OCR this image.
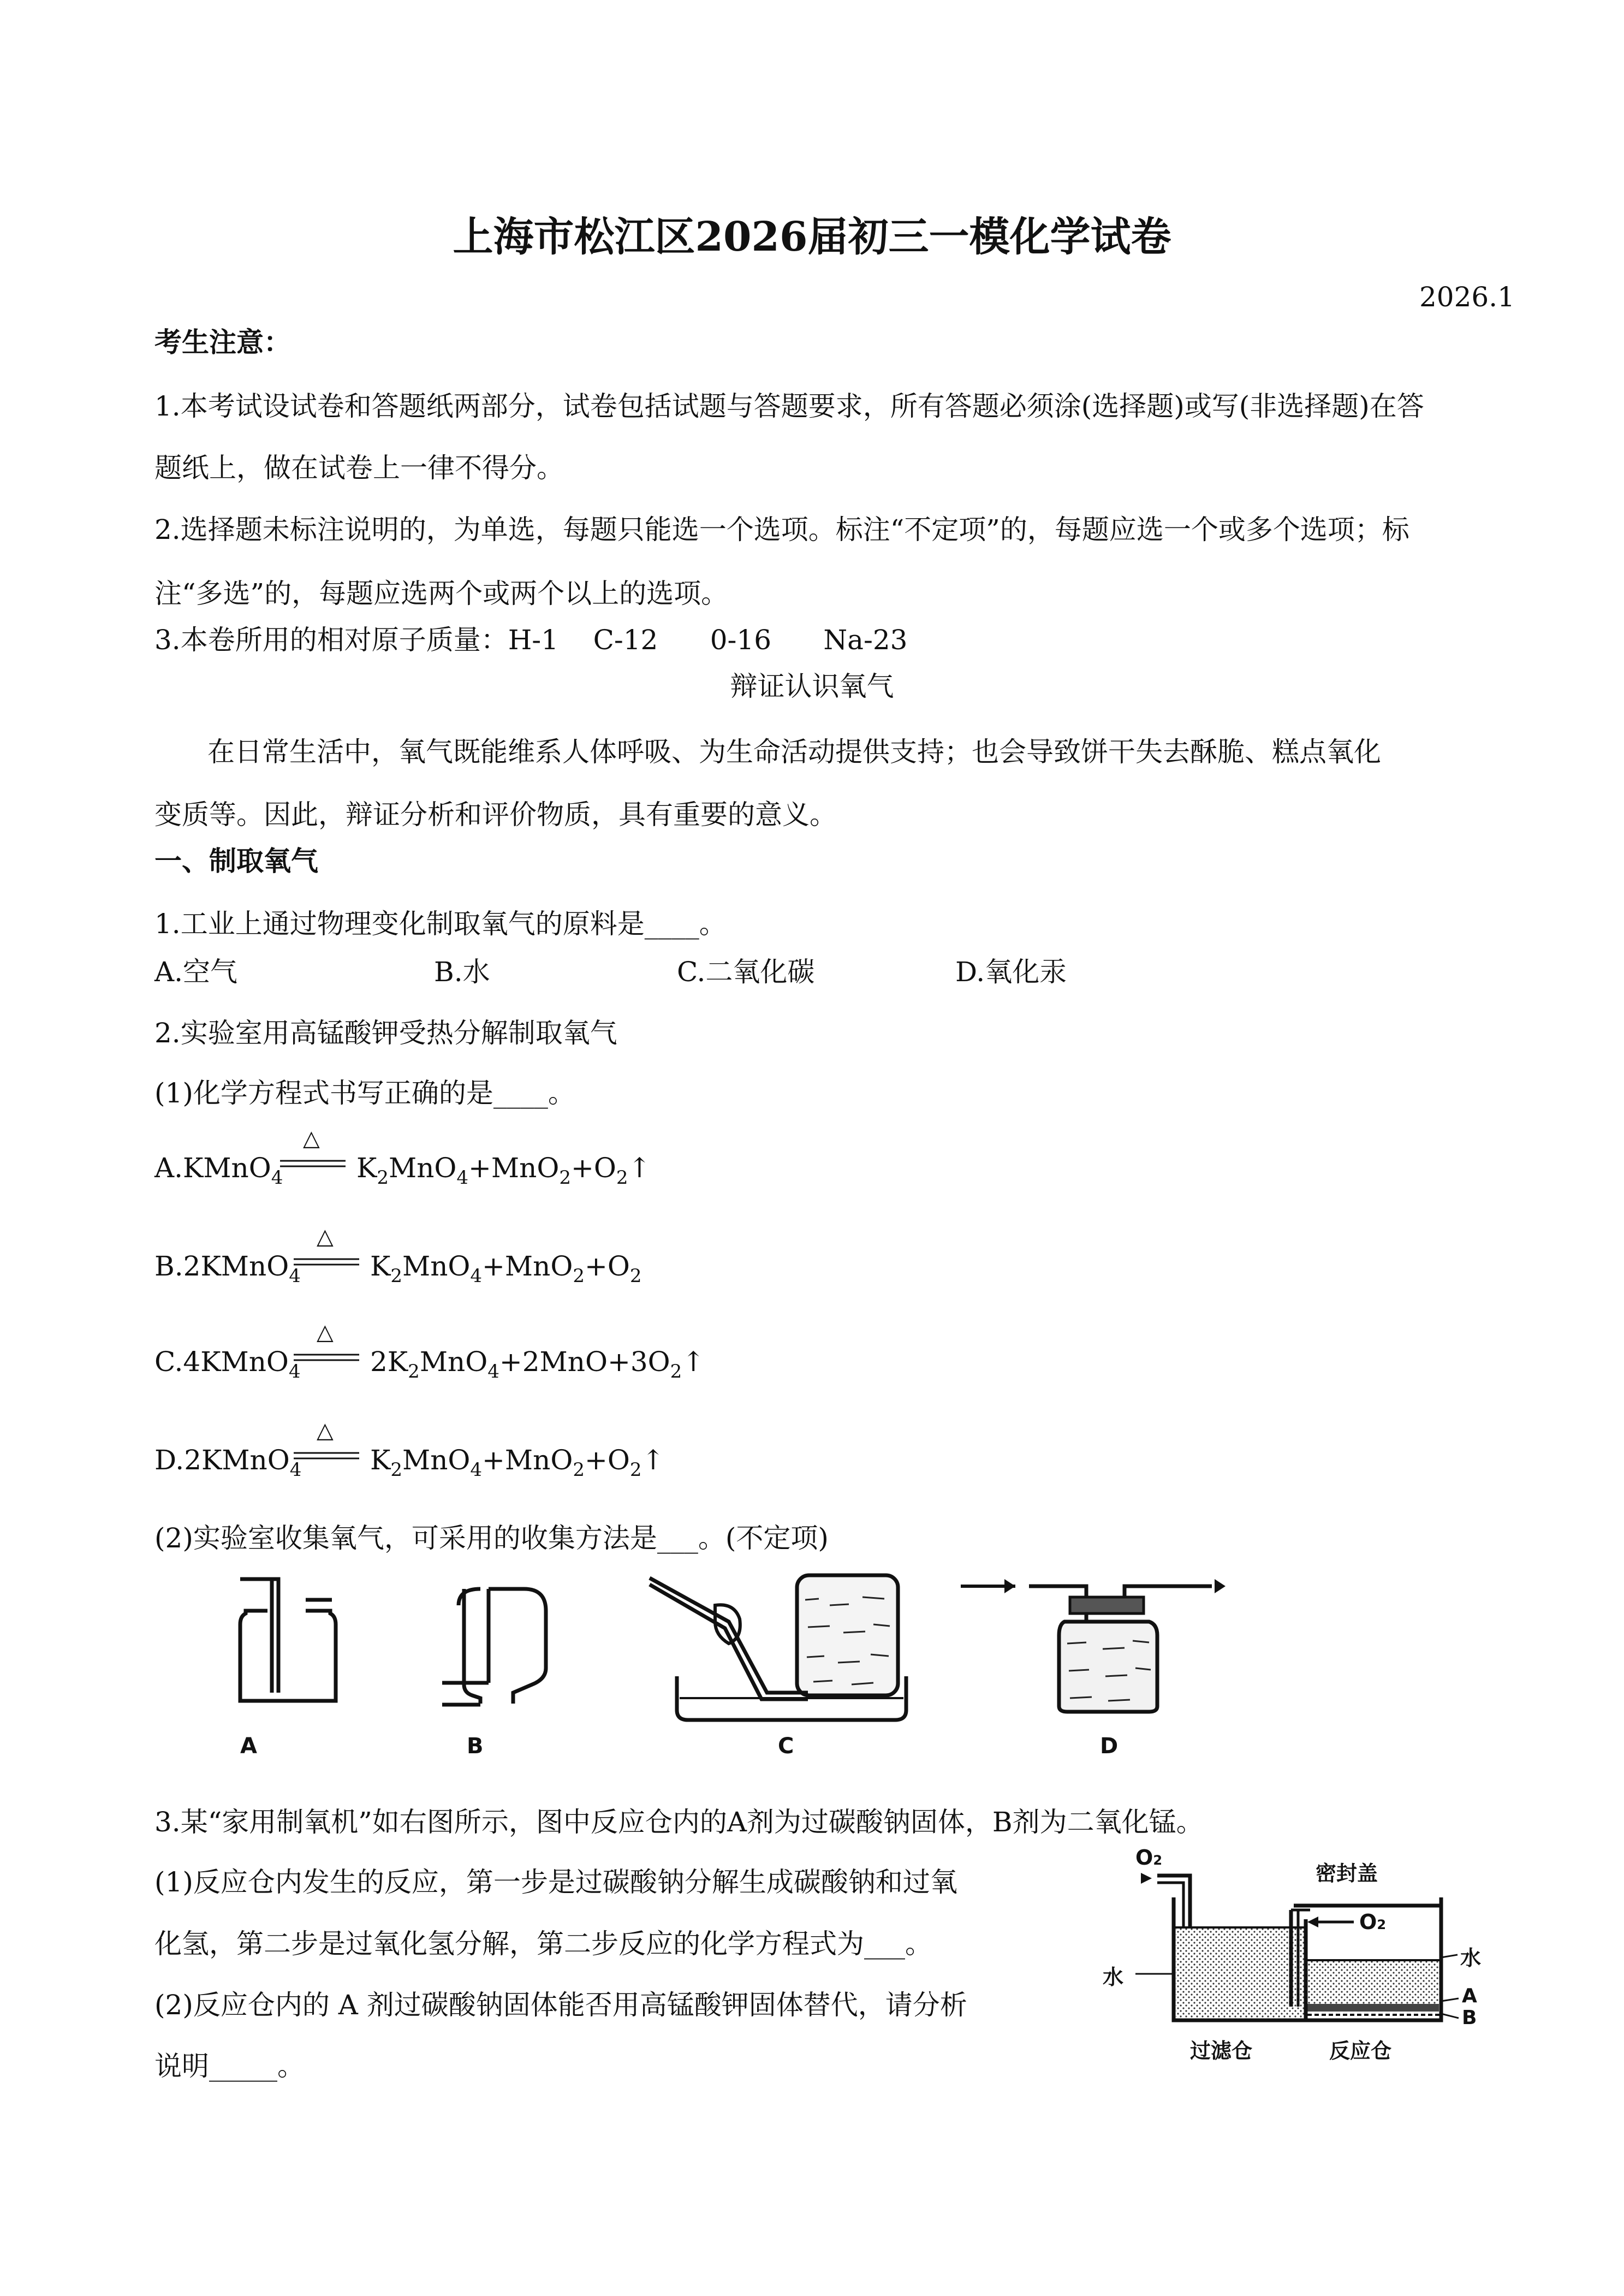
上海市松江区2026届初三一模化学试卷
2026.1
考生注意：
1.本考试设试卷和答题纸两部分，试卷包括试题与答题要求，所有答题必须涂(选择题)或写(非选择题)在答
题纸上，做在试卷上一律不得分。
2.选择题未标注说明的，为单选，每题只能选一个选项。标注“不定项”的，每题应选一个或多个选项；标
注“多选”的，每题应选两个或两个以上的选项。
3.本卷所用的相对原子质量：H-1    C-12      0-16      Na-23
辩证认识氧气
在日常生活中，氧气既能维系人体呼吸、为生命活动提供支持；也会导致饼干失去酥脆、糕点氧化
变质等。因此，辩证分析和评价物质，具有重要的意义。
一、制取氧气
1.工业上通过物理变化制取氧气的原料是____。
A.空气	B.水	C.二氧化碳	D.氧化汞
2.实验室用高锰酸钾受热分解制取氧气
(1)化学方程式书写正确的是____。
A.KMnO$_4$
△
$K_2MnO_4+MnO_2+O_2↑$
B.2KMnO$_4$
△
$K_2MnO_4+MnO_2+O_2$
C.4KMnO$_4$
△
$2K_2MnO_4+2MnO+3O_2↑$
D.2KMnO$_4$
△
$K_2MnO_4+MnO_2+O_2↑$
(2)实验室收集氧气，可采用的收集方法是___。(不定项)
A	B	C	D
3.某“家用制氧机”如右图所示，图中反应仓内的A剂为过碳酸钠固体，B剂为二氧化锰。
(1)反应仓内发生的反应，第一步是过碳酸钠分解生成碳酸钠和过氧
化氢，第二步是过氧化氢分解，第二步反应的化学方程式为___。
(2)反应仓内的 A 剂过碳酸钠固体能否用高锰酸钾固体替代，请分析
说明_____。
O2
密封盖
O2
水
水
A
B
过滤仓	反应仓
